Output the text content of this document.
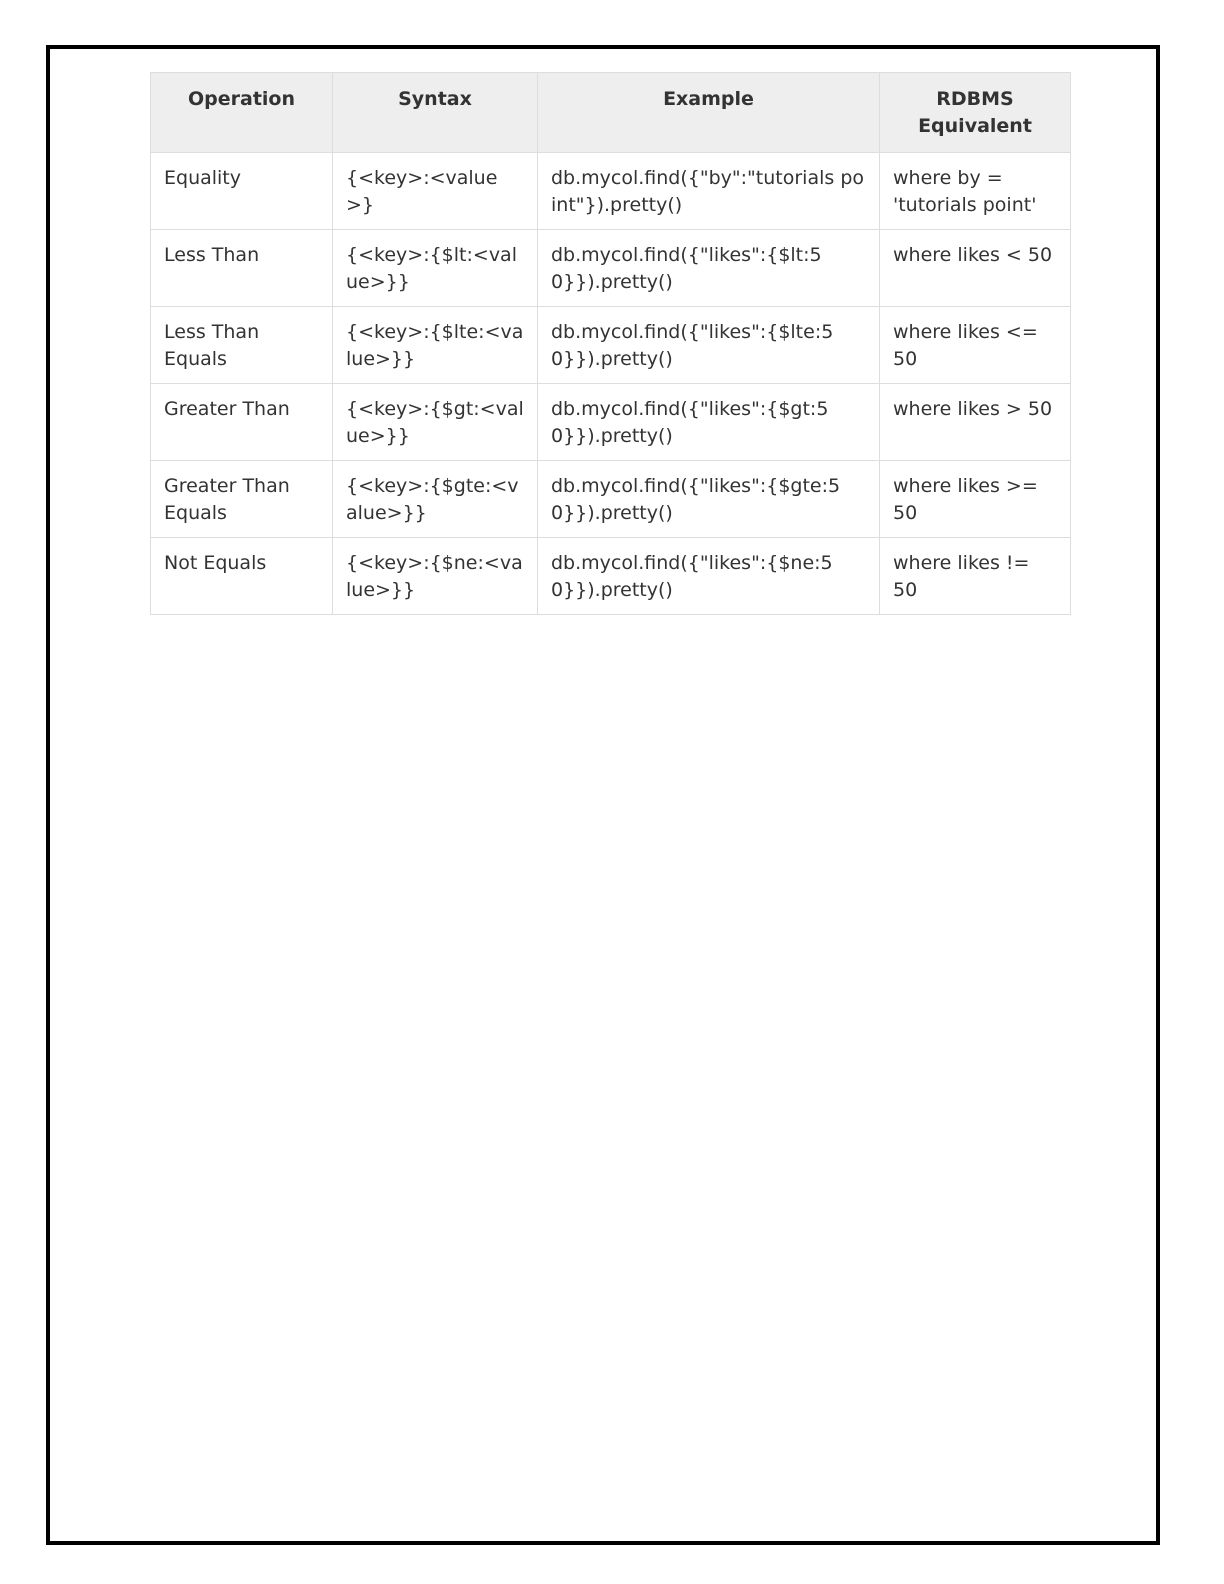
Operation	Syntax	Example	RDBMS Equivalent
Equality	{<key>:<value>}	db.mycol.find({"by":"tutorials point"}).pretty()	where by = 'tutorials point'
Less Than	{<key>:{$lt:<value>}}	db.mycol.find({"likes":{$lt:50}}).pretty()	where likes < 50
Less Than Equals	{<key>:{$lte:<value>}}	db.mycol.find({"likes":{$lte:50}}).pretty()	where likes <= 50
Greater Than	{<key>:{$gt:<value>}}	db.mycol.find({"likes":{$gt:50}}).pretty()	where likes > 50
Greater Than Equals	{<key>:{$gte:<value>}}	db.mycol.find({"likes":{$gte:50}}).pretty()	where likes >= 50
Not Equals	{<key>:{$ne:<value>}}	db.mycol.find({"likes":{$ne:50}}).pretty()	where likes != 50
